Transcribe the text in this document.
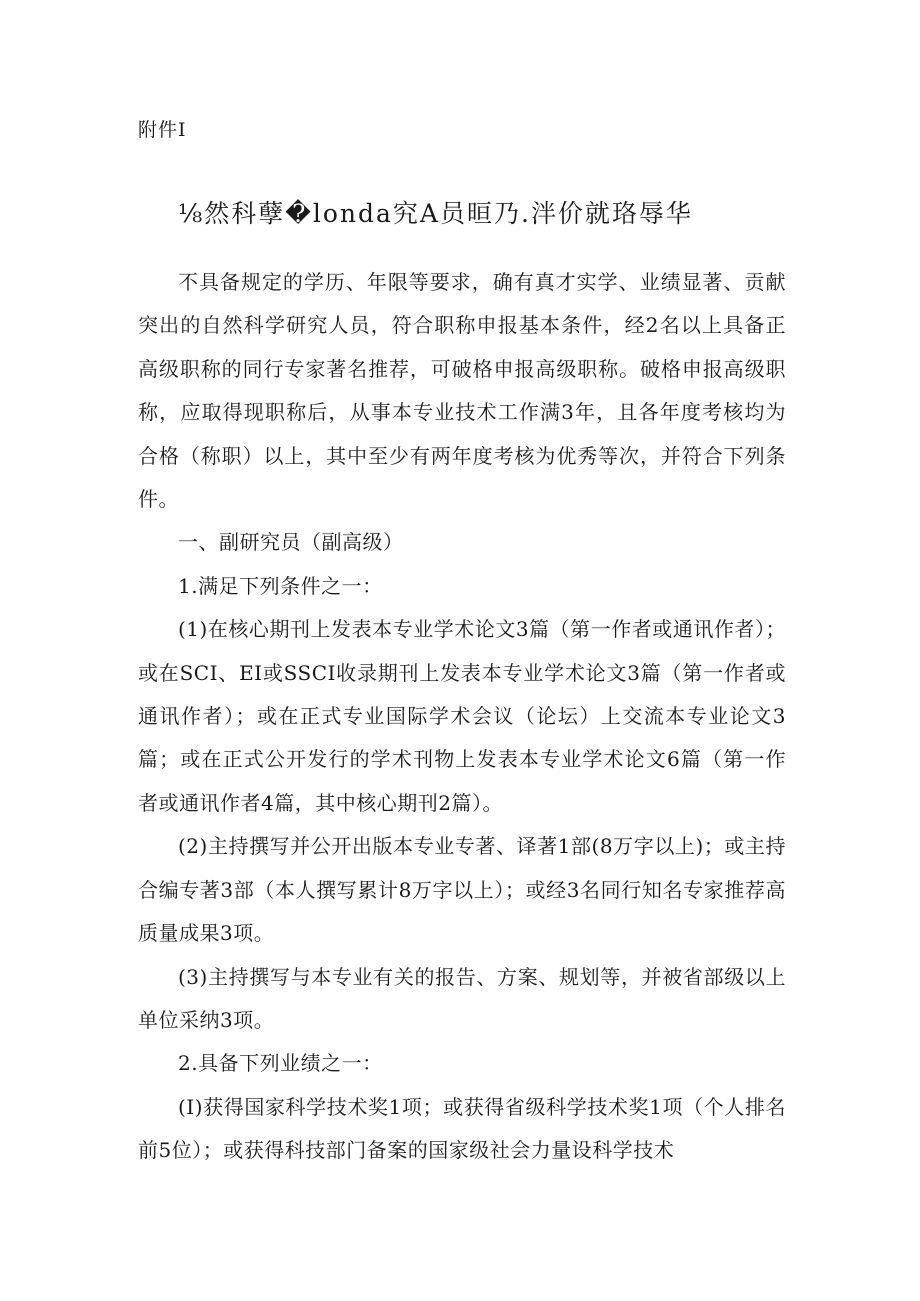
附件I
⅛然科孽�londa究A员晅乃.泮价就珞辱华

不具备规定的学历、年限等要求，确有真才实学、业绩显著、贡献突出的自然科学研究人员，符合职称申报基本条件，经2名以上具备正高级职称的同行专家著名推荐，可破格申报高级职称。破格申报高级职称，应取得现职称后，从事本专业技术工作满3年，且各年度考核均为合格（称职）以上，其中至少有两年度考核为优秀等次，并符合下列条件。

一、副研究员（副高级）

1.满足下列条件之一：

(1)在核心期刊上发表本专业学术论文3篇（第一作者或通讯作者）；或在SCI、EI或SSCI收录期刊上发表本专业学术论文3篇（第一作者或通讯作者）；或在正式专业国际学术会议（论坛）上交流本专业论文3篇；或在正式公开发行的学术刊物上发表本专业学术论文6篇（第一作者或通讯作者4篇，其中核心期刊2篇）。

(2)主持撰写并公开出版本专业专著、译著1部(8万字以上)；或主持合编专著3部（本人撰写累计8万字以上）；或经3名同行知名专家推荐高质量成果3项。

(3)主持撰写与本专业有关的报告、方案、规划等，并被省部级以上单位采纳3项。

2.具备下列业绩之一：

(I)获得国家科学技术奖1项；或获得省级科学技术奖1项（个人排名前5位）；或获得科技部门备案的国家级社会力量设科学技术
